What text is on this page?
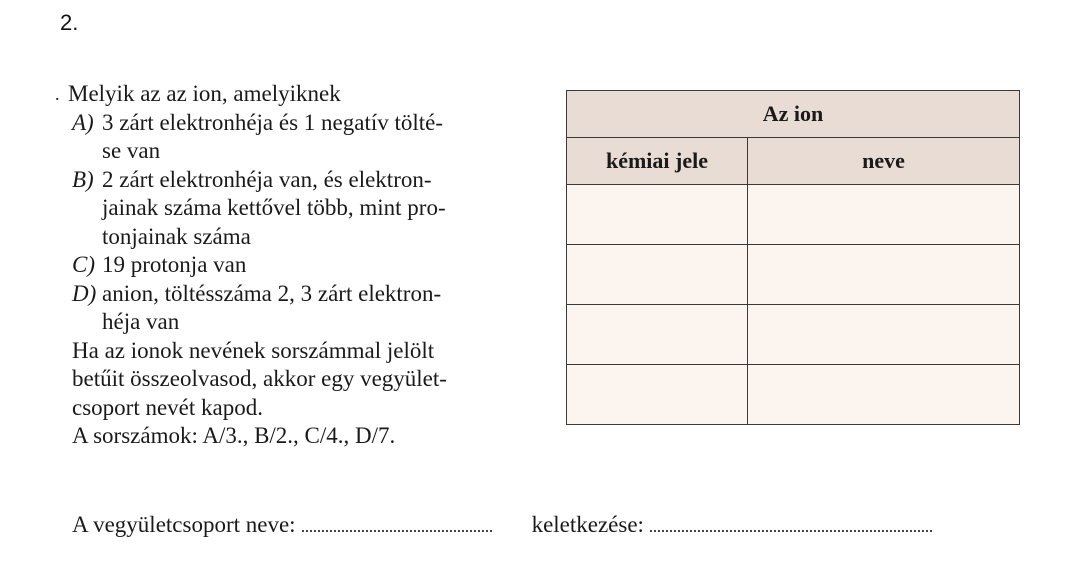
2.
. Melyik az az ion, amelyiknek
A) 3 zárt elektronhéja és 1 negatív tölté-
se van
B) 2 zárt elektronhéja van, és elektron-
jainak száma kettővel több, mint pro-
tonjainak száma
C) 19 protonja van
D) anion, töltésszáma 2, 3 zárt elektron-
héja van
Ha az ionok nevének sorszámmal jelölt
betűit összeolvasod, akkor egy vegyület-
csoport nevét kapod.
A sorszámok: A/3., B/2., C/4., D/7.
Az ion	
kémiai jele	neve

A vegyületcsoport neve:	keletkezése:
